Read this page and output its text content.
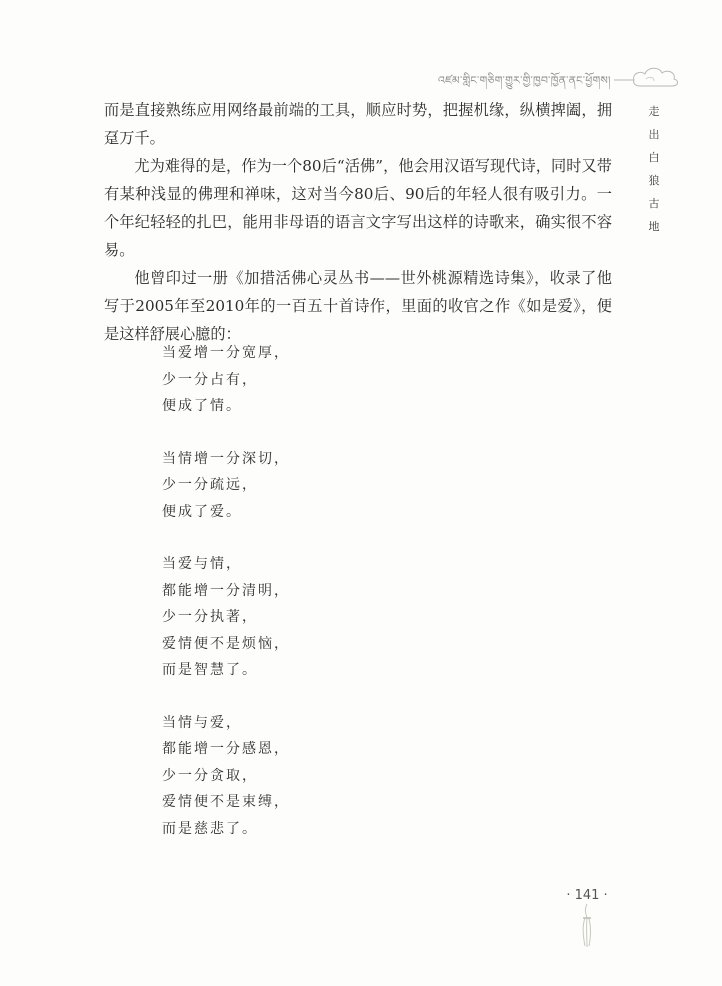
འཛམ་གླིང་གཅིག་གྱུར་གྱི་ཁྱབ་ཁྱོན་ནང་ཕྱོགས།
走
出
白
狼
古
地

而是直接熟练应用网络最前端的工具，顺应时势，把握机缘，纵横捭阖，拥趸万千。

尤为难得的是，作为一个80后“活佛”，他会用汉语写现代诗，同时又带有某种浅显的佛理和禅味，这对当今80后、90后的年轻人很有吸引力。一个年纪轻轻的扎巴，能用非母语的语言文字写出这样的诗歌来，确实很不容易。

他曾印过一册《加措活佛心灵丛书——世外桃源精选诗集》，收录了他写于2005年至2010年的一百五十首诗作，里面的收官之作《如是爱》，便是这样舒展心臆的：

当爱增一分宽厚，
少一分占有，
便成了情。
当情增一分深切，
少一分疏远，
便成了爱。
当爱与情，
都能增一分清明，
少一分执著，
爱情便不是烦恼，
而是智慧了。
当情与爱，
都能增一分感恩，
少一分贪取，
爱情便不是束缚，
而是慈悲了。
· 141 ·
